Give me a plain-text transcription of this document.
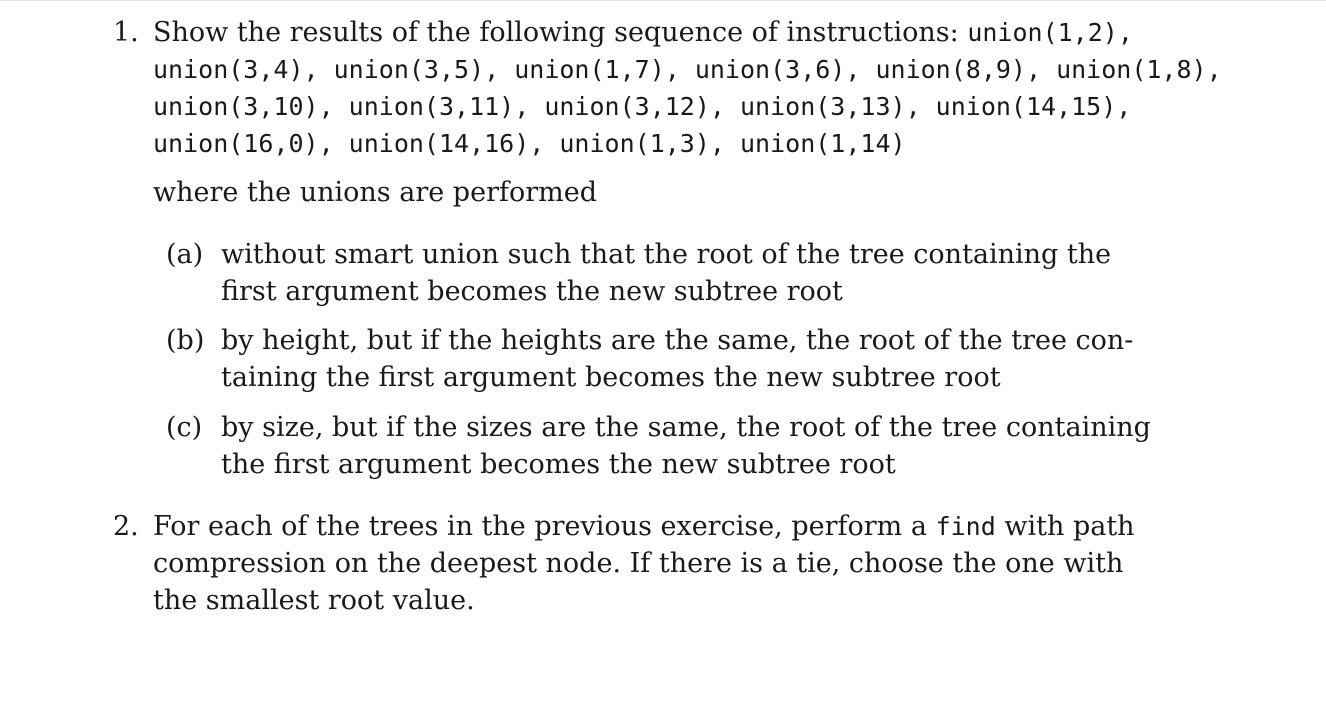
1. Show the results of the following sequence of instructions: union(1,2),
union(3,4), union(3,5), union(1,7), union(3,6), union(8,9), union(1,8),
union(3,10), union(3,11), union(3,12), union(3,13), union(14,15),
union(16,0), union(14,16), union(1,3), union(1,14)
where the unions are performed
(a) without smart union such that the root of the tree containing the
first argument becomes the new subtree root
(b) by height, but if the heights are the same, the root of the tree con-
taining the first argument becomes the new subtree root
(c) by size, but if the sizes are the same, the root of the tree containing
the first argument becomes the new subtree root
2. For each of the trees in the previous exercise, perform a find with path
compression on the deepest node. If there is a tie, choose the one with
the smallest root value.
